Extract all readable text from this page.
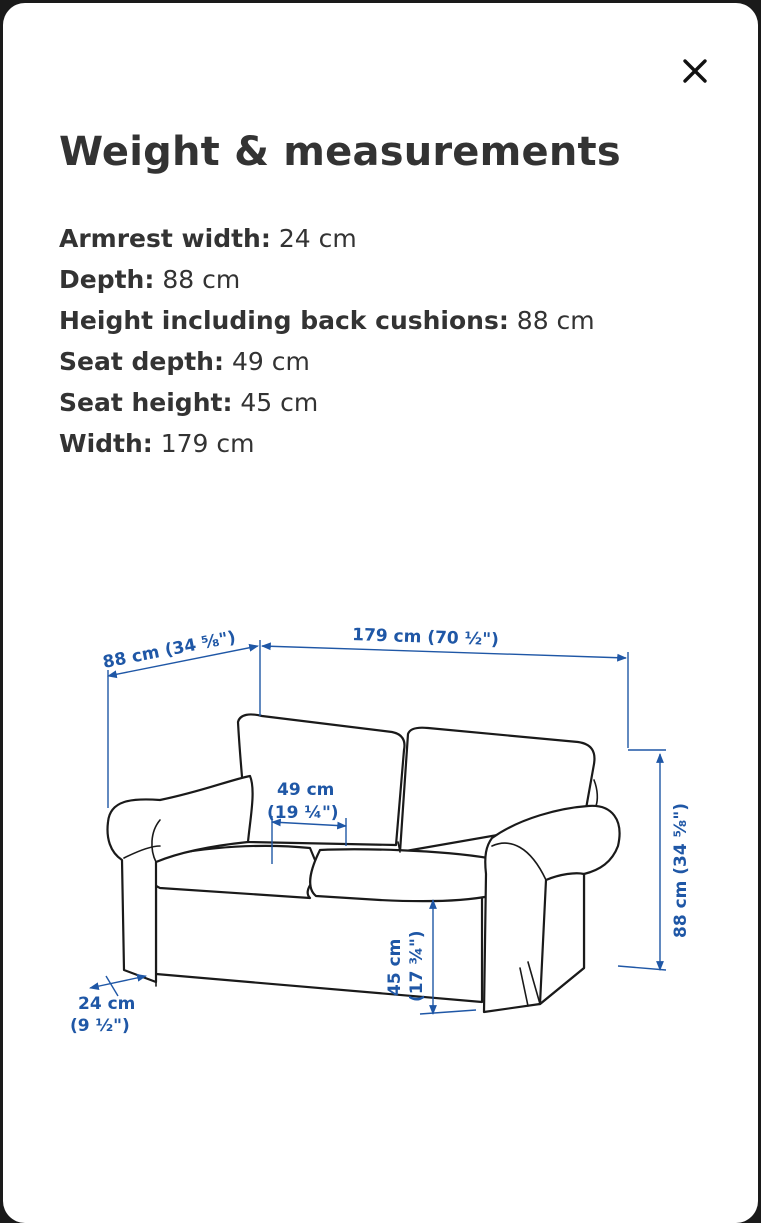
Weight & measurements
Armrest width: 24 cm
Depth: 88 cm
Height including back cushions: 88 cm
Seat depth: 49 cm
Seat height: 45 cm
Width: 179 cm
88 cm (34 ⁵⁄₈")	179 cm (70 ½")
49 cm
(19 ¼")	88 cm (34 ⁵⁄₈")
45 cm (17 ¾")
24 cm
(9 ½")
